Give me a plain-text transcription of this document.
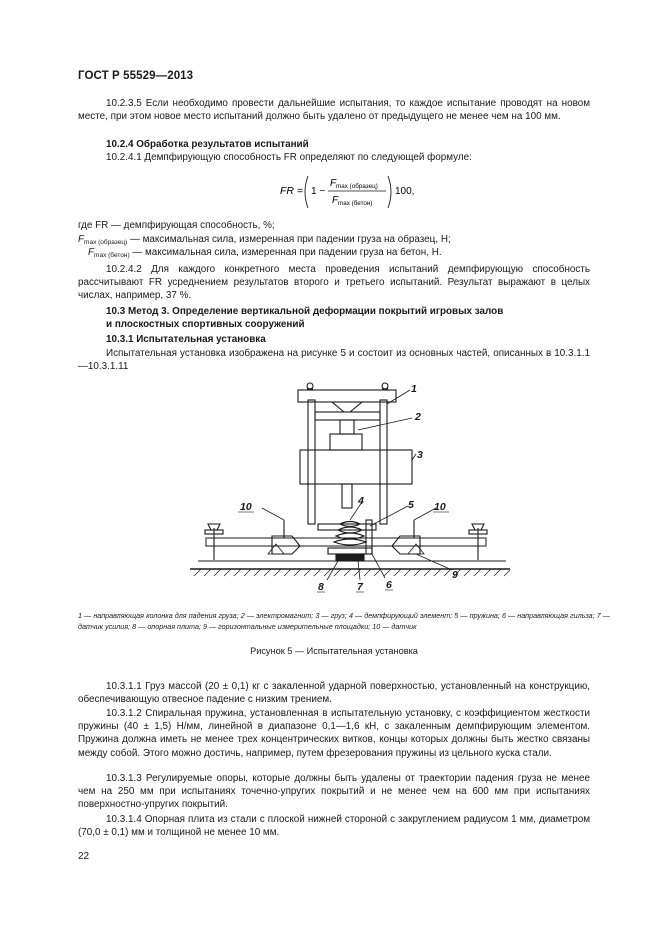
ГОСТ Р 55529—2013
10.2.3.5 Если необходимо провести дальнейшие испытания, то каждое испытание проводят на новом месте, при этом новое место испытаний должно быть удалено от предыдущего не менее чем на 100 мм.
10.2.4 Обработка результатов испытаний
10.2.4.1 Демпфирующую способность FR определяют по следующей формуле:
FR = 1 −
F max (образец)
F max (бетон)
100,
где FR — демпфирующая способность, %;
$F_{max (образец)}$ — максимальная сила, измеренная при падении груза на образец, Н;
$F_{max (бетон)}$ — максимальная сила, измеренная при падении груза на бетон, Н.
10.2.4.2 Для каждого конкретного места проведения испытаний демпфирующую способность рассчитывают FR усреднением результатов второго и третьего испытаний. Результат выражают в целых числах, например, 37 %.
10.3 Метод 3. Определение вертикальной деформации покрытий игровых залов
и плоскостных спортивных сооружений
10.3.1 Испытательная установка
Испытательная установка изображена на рисунке 5 и состоит из основных частей, описанных в 10.3.1.1—10.3.1.11
1
2
3
4	5
6
7
8
9
10	10
1 — направляющая колонка для падения груза; 2 — электромагнит; 3 — груз; 4 — демпфирующий элемент; 5 — пружина; 6 — направляющая гильза; 7 — датчик усилия; 8 — опорная плита; 9 — горизонтальные измерительные площадки; 10 — датчик
Рисунок 5 — Испытательная установка
10.3.1.1 Груз массой (20 ± 0,1) кг с закаленной ударной поверхностью, установленный на конструкцию, обеспечивающую отвесное падение с низким трением.
10.3.1.2 Спиральная пружина, установленная в испытательную установку, с коэффициентом жесткости пружины (40 ± 1,5) Н/мм, линейной в диапазоне 0,1—1,6 кН, с закаленным демпфирующим элементом. Пружина должна иметь не менее трех концентрических витков, концы которых должны быть жестко связаны между собой. Этого можно достичь, например, путем фрезерования пружины из цельного куска стали.
10.3.1.3 Регулируемые опоры, которые должны быть удалены от траектории падения груза не менее чем на 250 мм при испытаниях точечно-упругих покрытий и не менее чем на 600 мм при испытаниях поверхностно-упругих покрытий.
10.3.1.4 Опорная плита из стали с плоской нижней стороной с закруглением радиусом 1 мм, диаметром (70,0 ± 0,1) мм и толщиной не менее 10 мм.
22
